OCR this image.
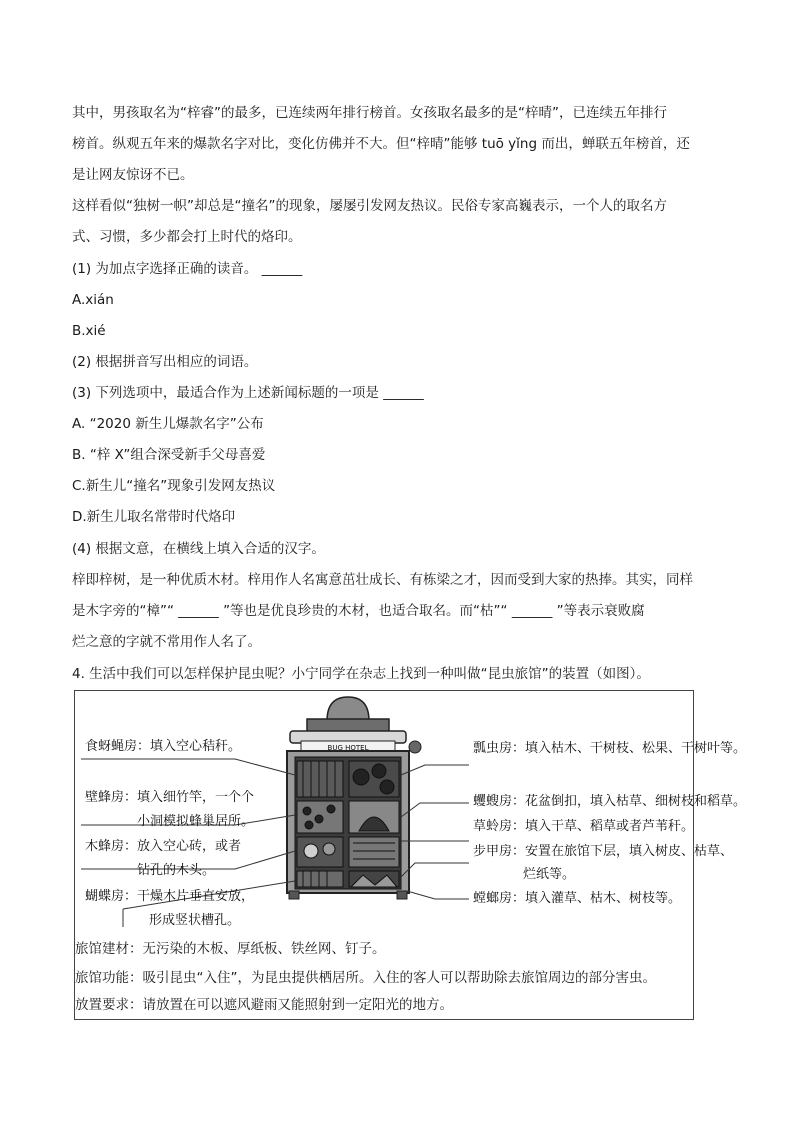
其中，男孩取名为“梓睿”的最多，已连续两年排行榜首。女孩取名最多的是“梓晴”，已连续五年排行
榜首。纵观五年来的爆款名字对比，变化仿佛并不大。但“梓晴”能够 tuō yǐng 而出，蝉联五年榜首，还
是让网友惊讶不已。
这样看似“独树一帜”却总是“撞名”的现象，屡屡引发网友热议。民俗专家高巍表示，一个人的取名方
式、习惯，多少都会打上时代的烙印。
(1) 为加点字选择正确的读音。 ______
A.xián
B.xié
(2) 根据拼音写出相应的词语。
(3) 下列选项中，最适合作为上述新闻标题的一项是 ______
A. “2020 新生儿爆款名字”公布
B. “梓 X”组合深受新手父母喜爱
C.新生儿“撞名”现象引发网友热议
D.新生儿取名常带时代烙印
(4) 根据文意，在横线上填入合适的汉字。
梓即梓树，是一种优质木材。梓用作人名寓意茁壮成长、有栋梁之才，因而受到大家的热捧。其实，同样
是木字旁的“樟”“ ______ ”等也是优良珍贵的木材，也适合取名。而“枯”“ ______ ”等表示衰败腐
烂之意的字就不常用作人名了。
4. 生活中我们可以怎样保护昆虫呢？小宁同学在杂志上找到一种叫做“昆虫旅馆”的装置（如图）。
BUG HOTEL
食蚜蝇房：填入空心秸秆。
壁蜂房：填入细竹竿，一个个
小洞模拟蜂巢居所。
木蜂房：放入空心砖，或者
钻孔的木头。
蝴蝶房：干燥木片垂直安放，
形成竖状槽孔。
瓢虫房：填入枯木、干树枝、松果、干树叶等。
蠼螋房：花盆倒扣，填入枯草、细树枝和稻草。
草蛉房：填入干草、稻草或者芦苇秆。
步甲房：安置在旅馆下层，填入树皮、枯草、
烂纸等。
螳螂房：填入灌草、枯木、树枝等。
旅馆建材：无污染的木板、厚纸板、铁丝网、钉子。
旅馆功能：吸引昆虫“入住”，为昆虫提供栖居所。入住的客人可以帮助除去旅馆周边的部分害虫。
放置要求：请放置在可以遮风避雨又能照射到一定阳光的地方。
